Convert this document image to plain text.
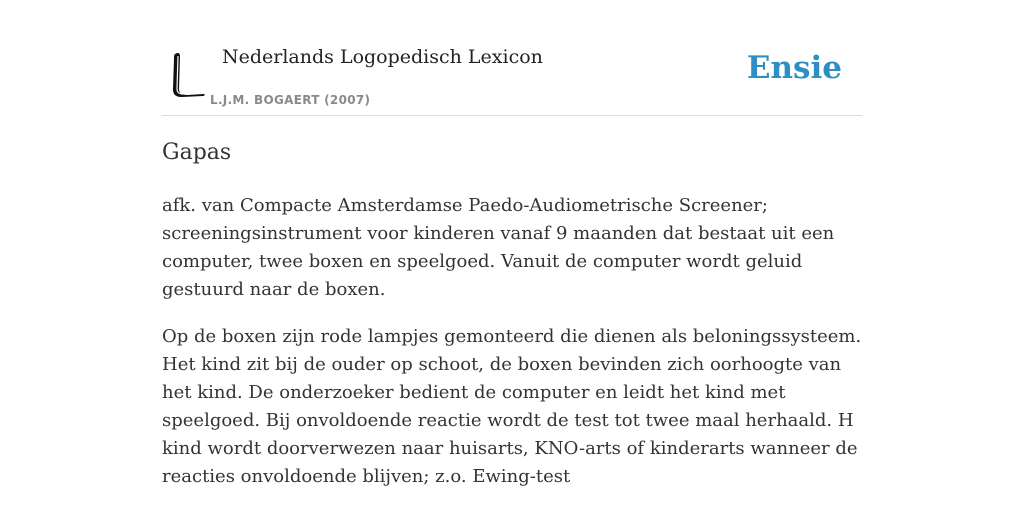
Nederlands Logopedisch Lexicon
L.J.M. BOGAERT (2007)
Ensie
Gapas

afk. van Compacte Amsterdamse Paedo-Audiometrische Screener; screeningsinstrument voor kinderen vanaf 9 maanden dat bestaat uit een computer, twee boxen en speelgoed. Vanuit de computer wordt geluid gestuurd naar de boxen.

Op de boxen zijn rode lampjes gemonteerd die dienen als beloningssysteem. Het kind zit bij de ouder op schoot, de boxen bevinden zich oorhoogte van het kind. De onderzoeker bedient de computer en leidt het kind met speelgoed. Bij onvoldoende reactie wordt de test tot twee maal herhaald. H kind wordt doorverwezen naar huisarts, KNO-arts of kinderarts wanneer de reacties onvoldoende blijven; z.o. Ewing-test
